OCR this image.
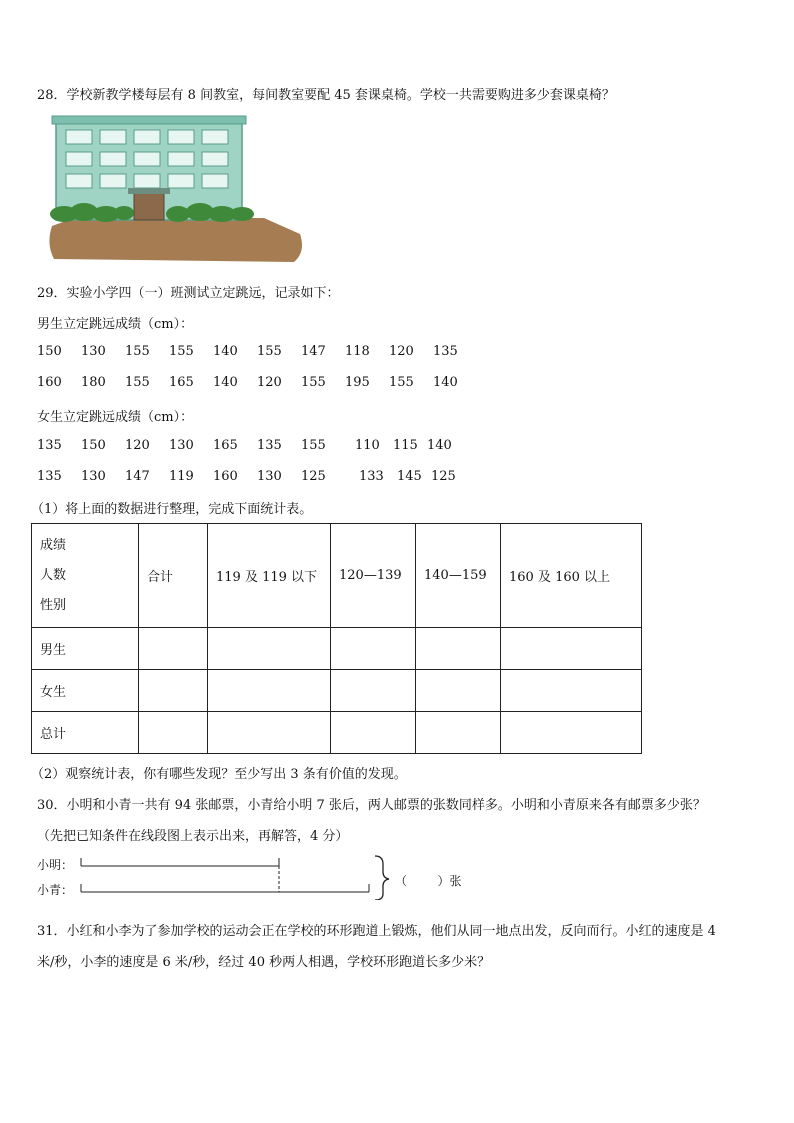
28．学校新教学楼每层有 8 间教室，每间教室要配 45 套课桌椅。学校一共需要购进多少套课桌椅？

29．实验小学四（一）班测试立定跳远，记录如下：

男生立定跳远成绩（cm）：

150	130	155	155	140	155	147	118	120	135
160	180	155	165	140	120	155	195	155	140

女生立定跳远成绩（cm）：

135	150	120	130	165	135	155	110	115 140
135	130	147	119	160	130	125	133	145 125

（1）将上面的数据进行整理，完成下面统计表。

成绩
人数
性别	合计	119 及 119 以下	120—139	140—159	160 及 160 以上
男生					
女生					
总计					

（2）观察统计表，你有哪些发现？至少写出 3 条有价值的发现。

30．小明和小青一共有 94 张邮票，小青给小明 7 张后，两人邮票的张数同样多。小明和小青原来各有邮票多少张？

（先把已知条件在线段图上表示出来，再解答，4 分）

小明：
小青：
（        ）张

31．小红和小李为了参加学校的运动会正在学校的环形跑道上锻炼，他们从同一地点出发，反向而行。小红的速度是 4

米/秒，小李的速度是 6 米/秒，经过 40 秒两人相遇，学校环形跑道长多少米？
